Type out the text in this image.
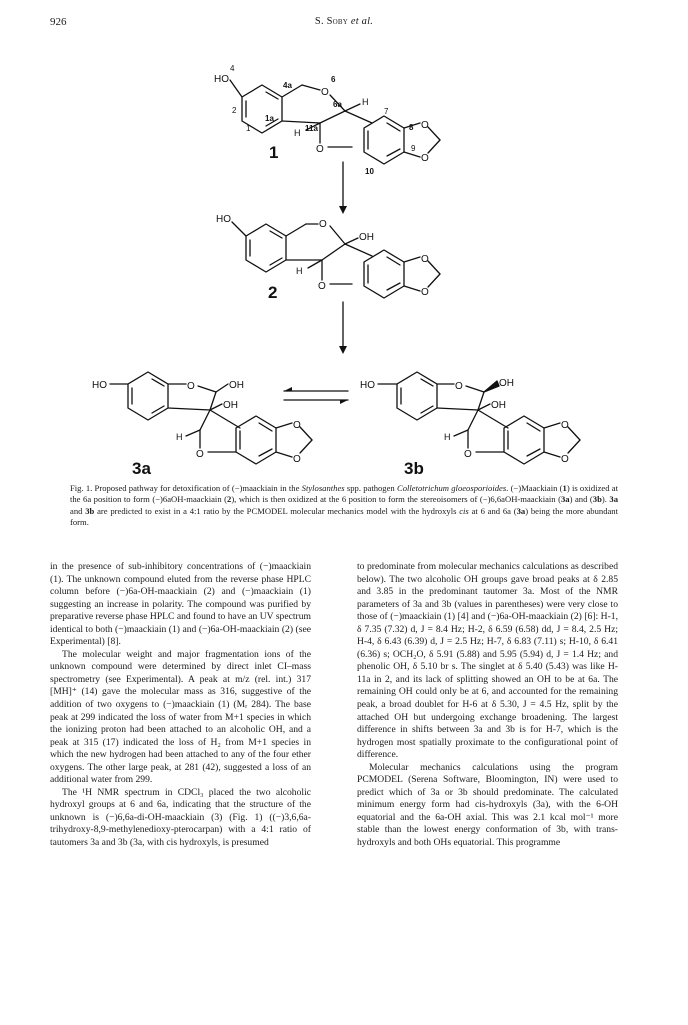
926	S. Soby et al.
HO
4
4a
O
6
6a H
7
2
1a
11a
1	H
8 O
O
9
O
10
1
HO	O
OH
H
O
O
O
2
HO	O	OH
OH
H
O
O
O
3a
HO	O	OH
OH
H
O
O
O
3b
Fig. 1. Proposed pathway for detoxification of (−)maackiain in the Stylosanthes spp. pathogen Colletotrichum gloeosporioides. (−)Maackiain (1) is oxidized at the 6a position to form (−)6aOH-maackiain (2), which is then oxidized at the 6 position to form the stereoisomers of (−)6,6aOH-maackiain (3a) and (3b). 3a and 3b are predicted to exist in a 4:1 ratio by the PCMODEL molecular mechanics model with the hydroxyls cis at 6 and 6a (3a) being the more abundant form.

in the presence of sub-inhibitory concentrations of (−)maackiain (1). The unknown compound eluted from the reverse phase HPLC column before (−)6a-OH-maackiain (2) and (−)maackiain (1) suggesting an increase in polarity. The compound was purified by preparative reverse phase HPLC and found to have an UV spectrum identical to both (−)maackiain (1) and (−)6a-OH-maackiain (2) (see Experimental) [8].

The molecular weight and major fragmentation ions of the unknown compound were determined by direct inlet CI–mass spectrometry (see Experimental). A peak at m/z (rel. int.) 317 [MH]⁺ (14) gave the molecular mass as 316, suggestive of the addition of two oxygens to (−)maackiain (1) (Mᵣ 284). The base peak at 299 indicated the loss of water from M+1 species in which the ionizing proton had been attached to an alcoholic OH, and a peak at 315 (17) indicated the loss of H₂ from M+1 species in which the new hydrogen had been attached to any of the four ether oxygens. The other large peak, at 281 (42), suggested a loss of an additional water from 299.

The ¹H NMR spectrum in CDCl₃ placed the two alcoholic hydroxyl groups at 6 and 6a, indicating that the structure of the unknown is (−)6,6a-di-OH-maackiain (3) (Fig. 1) ((−)3,6,6a-trihydroxy-8,9-methylenedioxy-pterocarpan) with a 4:1 ratio of tautomers 3a and 3b (3a, with cis hydroxyls, is presumed

to predominate from molecular mechanics calculations as described below). The two alcoholic OH groups gave broad peaks at δ 2.85 and 3.85 in the predominant tautomer 3a. Most of the NMR parameters of 3a and 3b (values in parentheses) were very close to those of (−)maackiain (1) [4] and (−)6a-OH-maackiain (2) [6]: H-1, δ 7.35 (7.32) d, J = 8.4 Hz; H-2, δ 6.59 (6.58) dd, J = 8.4, 2.5 Hz; H-4, δ 6.43 (6.39) d, J = 2.5 Hz; H-7, δ 6.83 (7.11) s; H-10, δ 6.41 (6.36) s; OCH₂O, δ 5.91 (5.88) and 5.95 (5.94) d, J = 1.4 Hz; and phenolic OH, δ 5.10 br s. The singlet at δ 5.40 (5.43) was like H-11a in 2, and its lack of splitting showed an OH to be at 6a. The remaining OH could only be at 6, and accounted for the remaining peak, a broad doublet for H-6 at δ 5.30, J = 4.5 Hz, split by the attached OH but undergoing exchange broadening. The largest difference in shifts between 3a and 3b is for H-7, which is the hydrogen most spatially proximate to the configurational point of difference.

Molecular mechanics calculations using the program PCMODEL (Serena Software, Bloomington, IN) were used to predict which of 3a or 3b should predominate. The calculated minimum energy form had cis-hydroxyls (3a), with the 6-OH equatorial and the 6a-OH axial. This was 2.1 kcal mol⁻¹ more stable than the lowest energy conformation of 3b, with trans-hydroxyls and both OHs equatorial. This programme
